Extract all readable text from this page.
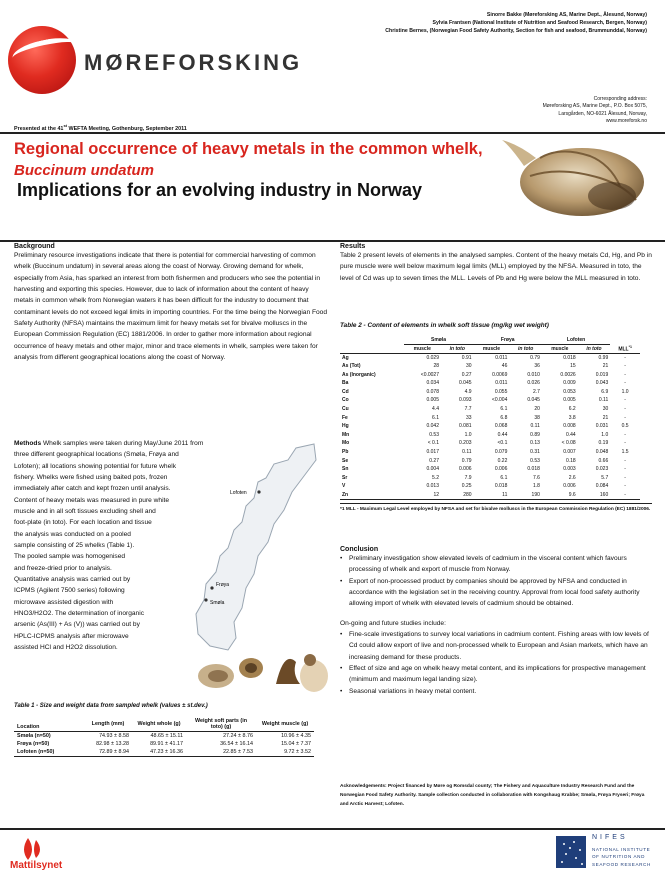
Sinorre Bakke (Møreforsking AS, Marine Dept., Ålesund, Norway)
Sylvia Frantsen (National Institute of Nutrition and Seafood Research, Bergen, Norway)
Christine Bernes, (Norwegian Food Safety Authority, Section for fish and seafood, Brummunddal, Norway)
MØREFORSKING
Corresponding address:
Møreforsking AS, Marine Dept., P.O. Box 5075,
Larsgården, NO-6021 Ålesund, Norway,
www.moreforsk.no
Presented at the 41st WEFTA Meeting, Gothenburg, September 2011
Regional occurrence of heavy metals in the common whelk,
Buccinum undatum
Implications for an evolving industry in Norway
Background
Preliminary resource investigations indicate that there is potential for commercial harvesting of common whelk (Buccinum undatum) in several areas along the coast of Norway. Growing demand for whelk, especially from Asia, has sparked an interest from both fishermen and producers who see the potential in harvesting and exporting this species. However, due to lack of information about the content of heavy metals in common whelk from Norwegian waters it has been difficult for the industry to document that contaminant levels do not exceed legal limits in importing countries. For the time being the Norwegian Food Safety Authority (NFSA) maintains the maximum limit for heavy metals set for bivalve molluscs in the European Commission Regulation (EC) 1881/2006. In order to gather more information about regional occurrence of heavy metals and other major, minor and trace elements in whelk, samples were taken for analysis from different geographical locations along the coast of Norway.
Methods Whelk samples were taken during May/June 2011 from
three different geographical locations (Smøla, Frøya and
Lofoten); all locations showing potential for future whelk
fishery. Whelks were fished using baited pots, frozen
immediately after catch and kept frozen until analysis.
Content of heavy metals was measured in pure white
muscle and in all soft tissues excluding shell and
foot-plate (in toto). For each location and tissue
the analysis was conducted on a pooled
sample consisting of 25 whelks (Table 1).
The pooled sample was homogenised
and freeze-dried prior to analysis.
Quantitative analysis was carried out by
ICPMS (Agilent 7500 series) following
microwave assisted digestion with
HNO3/H2O2. The determination of inorganic
arsenic (As(III) + As (V)) was carried out by
HPLC-ICPMS analysis after microwave
assisted HCl and H2O2 dissolution.
Lofoten
Frøya
Smøla
Table 1 - Size and weight data from sampled whelk (values ± st.dev.)
Location	Length (mm)	Weight whole (g)	Weight soft parts (in toto) (g)	Weight muscle (g)
Smøla (n=50)	74.93 ± 8.58	48.65 ± 15.11	27.24 ± 8.76	10.96 ± 4.35
Frøya (n=50)	82.98 ± 13.28	89.91 ± 41.17	36.54 ± 16.14	15.04 ± 7.37
Lofoten (n=50)	72.89 ± 8.94	47.23 ± 16.36	22.85 ± 7.53	9.72 ± 3.52
Results
Table 2 present levels of elements in the analysed samples. Content of the heavy metals Cd, Hg, and Pb in pure muscle were well below maximum legal limits (MLL) employed by the NFSA. Measured in toto, the level of Cd was up to seven times the MLL. Levels of Pb and Hg were below the MLL measured in toto.
Table 2 - Content of elements in whelk soft tissue (mg/kg wet weight)
	Smøla		Frøya		Lofoten		
	muscle	in toto	muscle	in toto	muscle	in toto	MLL$^{*1}$
Ag	0.029	0.91	0.011	0.79	0.018	0.99	-
As (Tot)	28	30	46	36	15	21	-
As (Inorganic)	<0.0027	0.27	0.0069	0.010	0.0026	0.019	-
Ba	0.034	0.045	0.011	0.026	0.009	0.043	-
Cd	0.078	4.9	0.055	2.7	0.053	6.9	1.0
Co	0.005	0.093	<0.004	0.045	0.005	0.11	-
Cu	4.4	7.7	6.1	20	6.2	30	-
Fe	6.1	33	6.8	38	3.8	21	-
Hg	0.042	0.081	0.068	0.11	0.008	0.031	0.5
Mn	0.53	1.0	0.44	0.89	0.44	1.0	-
Mo	< 0.1	0.203	<0.1	0.13	< 0.08	0.19	-
Pb	0.017	0.11	0.079	0.31	0.007	0.048	1.5
Se	0.27	0.79	0.22	0.53	0.18	0.66	-
Sn	0.004	0.006	0.006	0.018	0.003	0.023	-
Sr	5.2	7.9	6.1	7.6	2.6	5.7	-
V	0.013	0.25	0.018	1.8	0.006	0.084	-
Zn	12	280	11	190	9.6	160	-
*1 MLL - Maximum Legal Level employed by NFSA and set for bivalve molluscs in the European Commission Regulation (EC) 1881/2006.
Conclusion
• Preliminary investigation show elevated levels of cadmium in the visceral content which favours processing of whelk and export of muscle from Norway.
• Export of non-processed product by companies should be approved by NFSA and conducted in accordance with the legislation set in the receiving country. Approval from local food safety authority allowing import of whelk with elevated levels of cadmium should be obtained.
On-going and future studies include:
• Fine-scale investigations to survey local variations in cadmium content. Fishing areas with low levels of Cd could allow export of live and non-processed whelk to European and Asian markets, which have an increasing demand for these products.
• Effect of size and age on whelk heavy metal content, and its implications for prospective management (minimum and maximum legal landing size).
• Seasonal variations in heavy metal content.
Acknowledgements: Project financed by Møre og Romsdal county; The Fishery and Aquaculture Industry Research Fund and the Norwegian Food Safety Authority. Sample collection conducted in collaboration with Kongshaug Krabbe; Smøla, Frøya Fryseri; Frøya and Arctic Harvest; Lofoten.
Mattilsynet
NIFES
NATIONAL INSTITUTE
OF NUTRITION AND
SEAFOOD RESEARCH
